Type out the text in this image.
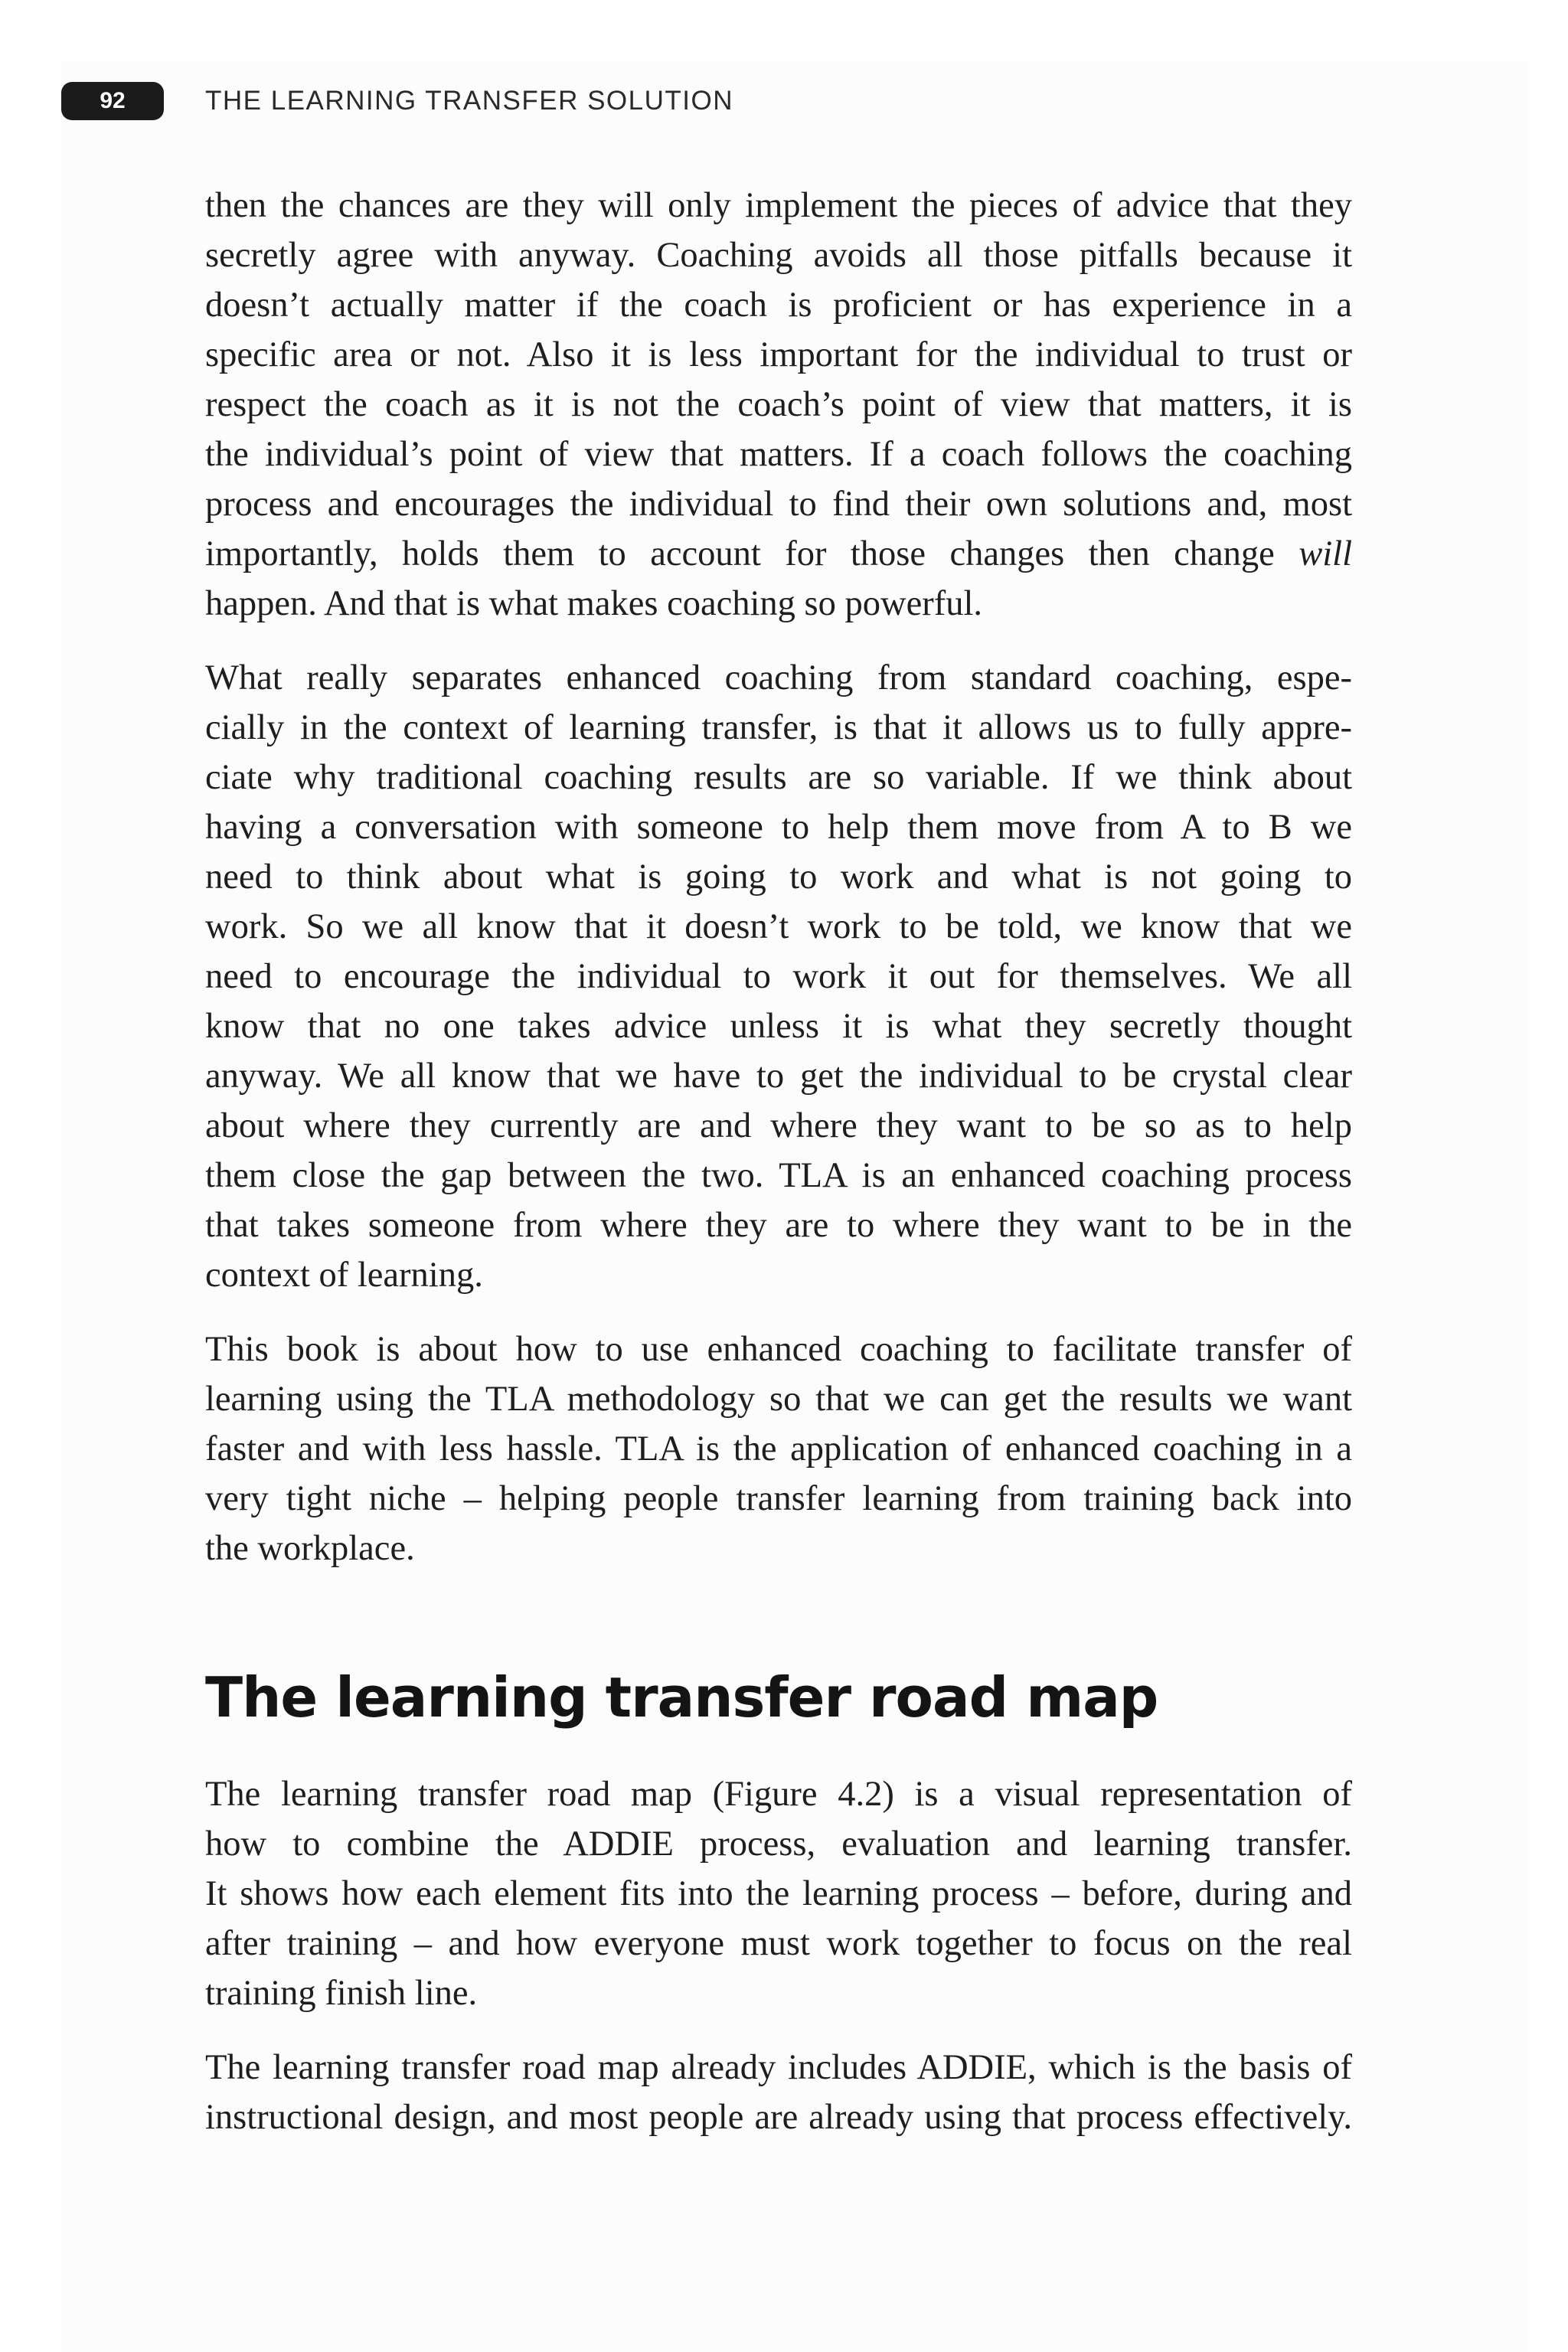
92	THE LEARNING TRANSFER SOLUTION
then the chances are they will only implement the pieces of advice that they
secretly agree with anyway. Coaching avoids all those pitfalls because it
doesn’t actually matter if the coach is proficient or has experience in a
specific area or not. Also it is less important for the individual to trust or
respect the coach as it is not the coach’s point of view that matters, it is
the individual’s point of view that matters. If a coach follows the coaching
process and encourages the individual to find their own solutions and, most
importantly, holds them to account for those changes then change will
happen. And that is what makes coaching so powerful.
What really separates enhanced coaching from standard coaching, espe-
cially in the context of learning transfer, is that it allows us to fully appre-
ciate why traditional coaching results are so variable. If we think about
having a conversation with someone to help them move from A to B we
need to think about what is going to work and what is not going to
work. So we all know that it doesn’t work to be told, we know that we
need to encourage the individual to work it out for themselves. We all
know that no one takes advice unless it is what they secretly thought
anyway. We all know that we have to get the individual to be crystal clear
about where they currently are and where they want to be so as to help
them close the gap between the two. TLA is an enhanced coaching process
that takes someone from where they are to where they want to be in the
context of learning.
This book is about how to use enhanced coaching to facilitate transfer of
learning using the TLA methodology so that we can get the results we want
faster and with less hassle. TLA is the application of enhanced coaching in a
very tight niche – helping people transfer learning from training back into
the workplace.
The learning transfer road map
The learning transfer road map (Figure 4.2) is a visual representation of
how to combine the ADDIE process, evaluation and learning transfer.
It shows how each element fits into the learning process – before, during and
after training – and how everyone must work together to focus on the real
training finish line.
The learning transfer road map already includes ADDIE, which is the basis of
instructional design, and most people are already using that process effectively.
